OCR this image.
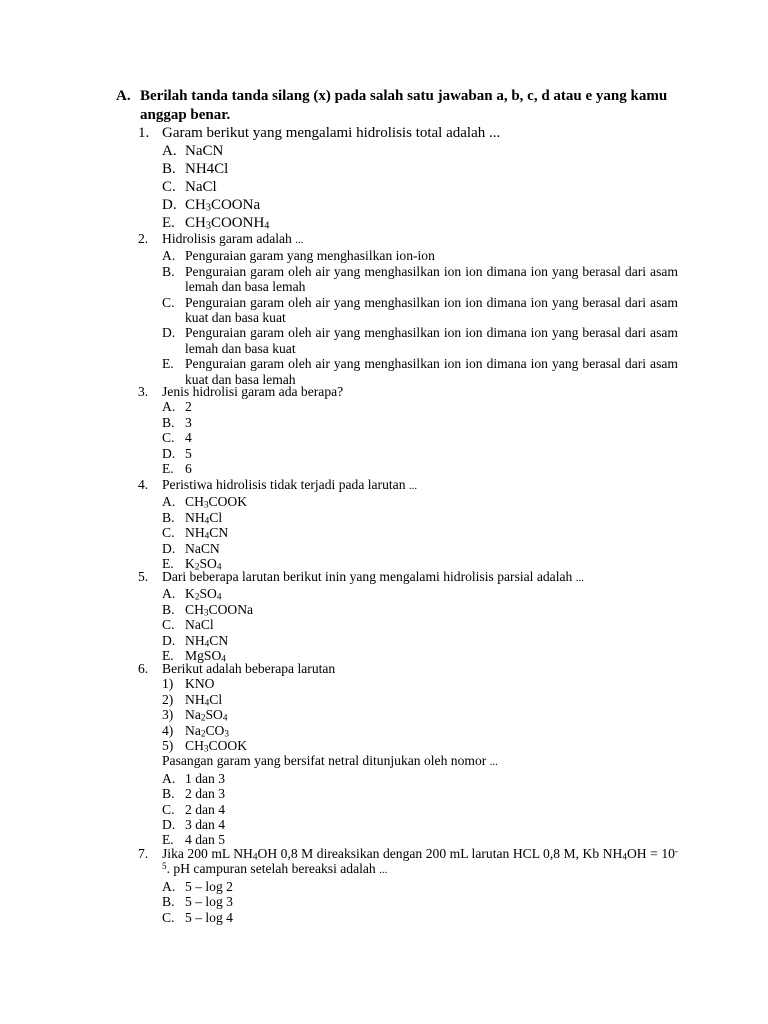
A. Berilah tanda tanda silang (x) pada salah satu jawaban a, b, c, d atau e yang kamu anggap benar.
1. Garam berikut yang mengalami hidrolisis total adalah ...
A. NaCN
B. NH4Cl
C. NaCl
D. $CH_3COONa$
E. $CH_3COONH_4$
2. Hidrolisis garam adalah ...
A. Penguraian garam yang menghasilkan ion-ion
B. Penguraian garam oleh air yang menghasilkan ion ion dimana ion yang berasal dari asam lemah dan basa lemah
C. Penguraian garam oleh air yang menghasilkan ion ion dimana ion yang berasal dari asam kuat dan basa kuat
D. Penguraian garam oleh air yang menghasilkan ion ion dimana ion yang berasal dari asam lemah dan basa kuat
E. Penguraian garam oleh air yang menghasilkan ion ion dimana ion yang berasal dari asam kuat dan basa lemah
3. Jenis hidrolisi garam ada berapa?
A. 2
B. 3
C. 4
D. 5
E. 6
4. Peristiwa hidrolisis tidak terjadi pada larutan ...
A. $CH_3COOK$
B. $NH_4Cl$
C. $NH_4CN$
D. NaCN
E. $K_2SO_4$
5. Dari beberapa larutan berikut inin yang mengalami hidrolisis parsial adalah ...
A. $K_2SO_4$
B. $CH_3COONa$
C. NaCl
D. $NH_4CN$
E. MgSO$_4$
6. Berikut adalah beberapa larutan
1) KNO
2) $NH_4Cl$
3) $Na_2SO_4$
4) $Na_2CO_3$
5) $CH_3COOK$
Pasangan garam yang bersifat netral ditunjukan oleh nomor ...
A. 1 dan 3
B. 2 dan 3
C. 2 dan 4
D. 3 dan 4
E. 4 dan 5
7. Jika 200 mL $NH_4OH$ 0,8 M direaksikan dengan 200 mL larutan HCL 0,8 M, Kb $NH_4OH = 10^{-5}$. pH campuran setelah bereaksi adalah ...
A. 5 – log 2
B. 5 – log 3
C. 5 – log 4
